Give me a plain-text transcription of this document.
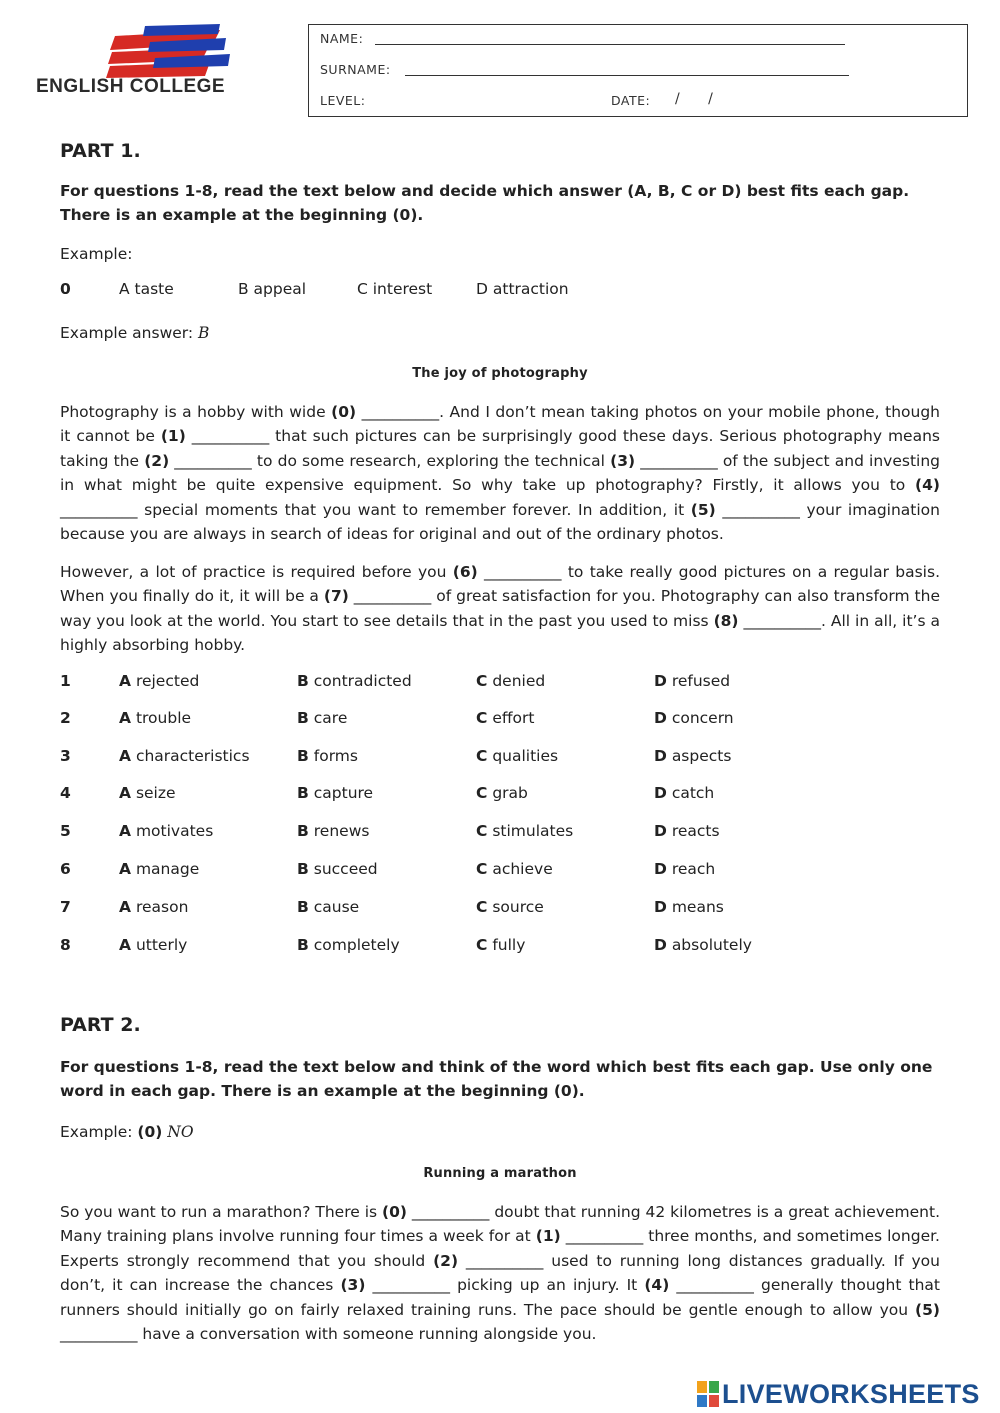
ENGLISH COLLEGE
NAME:
SURNAME:
LEVEL:	DATE: / /
PART 1.
For questions 1-8, read the text below and decide which answer (A, B, C or D) best fits each gap. There is an example at the beginning (0).
Example:
0	A taste	B appeal	C interest	D attraction
Example answer: B
The joy of photography
Photography is a hobby with wide (0) __________. And I don’t mean taking photos on your mobile phone, though it cannot be (1) __________ that such pictures can be surprisingly good these days. Serious photography means taking the (2) __________ to do some research, exploring the technical (3) __________ of the subject and investing in what might be quite expensive equipment. So why take up photography? Firstly, it allows you to (4) __________ special moments that you want to remember forever. In addition, it (5) __________ your imagination because you are always in search of ideas for original and out of the ordinary photos.
However, a lot of practice is required before you (6) __________ to take really good pictures on a regular basis. When you finally do it, it will be a (7) __________ of great satisfaction for you. Photography can also transform the way you look at the world. You start to see details that in the past you used to miss (8) __________. All in all, it’s a highly absorbing hobby.
1	A rejected	B contradicted	C denied	D refused
2	A trouble	B care	C effort	D concern
3	A characteristics	B forms	C qualities	D aspects
4	A seize	B capture	C grab	D catch
5	A motivates	B renews	C stimulates	D reacts
6	A manage	B succeed	C achieve	D reach
7	A reason	B cause	C source	D means
8	A utterly	B completely	C fully	D absolutely
PART 2.
For questions 1-8, read the text below and think of the word which best fits each gap. Use only one word in each gap. There is an example at the beginning (0).
Example: (0) NO
Running a marathon
So you want to run a marathon? There is (0) __________ doubt that running 42 kilometres is a great achievement. Many training plans involve running four times a week for at (1) __________ three months, and sometimes longer. Experts strongly recommend that you should (2) __________ used to running long distances gradually. If you don’t, it can increase the chances (3) __________ picking up an injury. It (4) __________ generally thought that runners should initially go on fairly relaxed training runs. The pace should be gentle enough to allow you (5) __________ have a conversation with someone running alongside you.
LIVEWORKSHEETS
